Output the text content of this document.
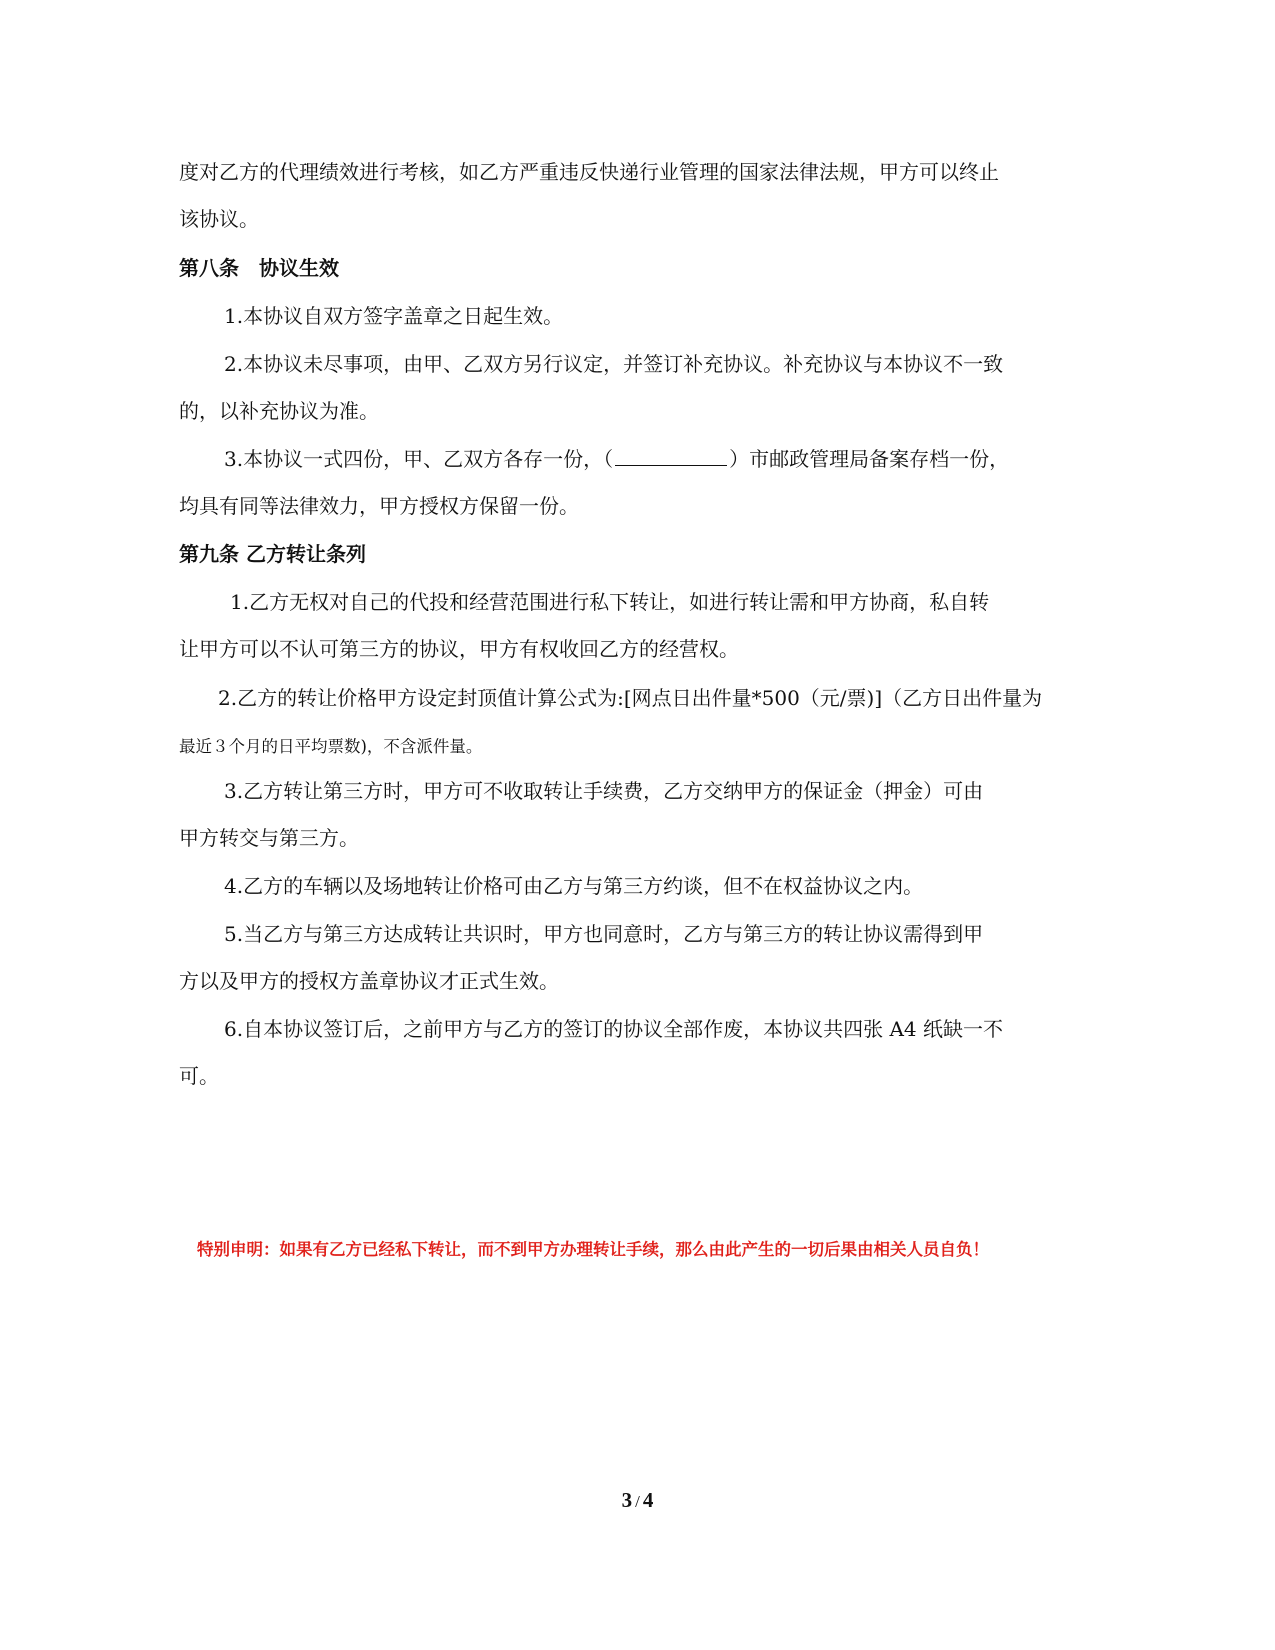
度对乙方的代理绩效进行考核，如乙方严重违反快递行业管理的国家法律法规，甲方可以终止
该协议。
第八条　协议生效
1.本协议自双方签字盖章之日起生效。
2.本协议未尽事项，由甲、乙双方另行议定，并签订补充协议。补充协议与本协议不一致
的，以补充协议为准。
3.本协议一式四份，甲、乙双方各存一份，（	）市邮政管理局备案存档一份，
均具有同等法律效力，甲方授权方保留一份。
第九条 乙方转让条列
1.乙方无权对自己的代投和经营范围进行私下转让，如进行转让需和甲方协商，私自转
让甲方可以不认可第三方的协议，甲方有权收回乙方的经营权。
2.乙方的转让价格甲方设定封顶值计算公式为:[网点日出件量*500（元/票)]（乙方日出件量为
最近３个月的日平均票数)，不含派件量。
3.乙方转让第三方时，甲方可不收取转让手续费，乙方交纳甲方的保证金（押金）可由
甲方转交与第三方。
4.乙方的车辆以及场地转让价格可由乙方与第三方约谈，但不在权益协议之内。
5.当乙方与第三方达成转让共识时，甲方也同意时，乙方与第三方的转让协议需得到甲
方以及甲方的授权方盖章协议才正式生效。
6.自本协议签订后，之前甲方与乙方的签订的协议全部作废，本协议共四张 A4 纸缺一不
可。
特别申明：如果有乙方已经私下转让，而不到甲方办理转让手续，那么由此产生的一切后果由相关人员自负！
3 / 4
